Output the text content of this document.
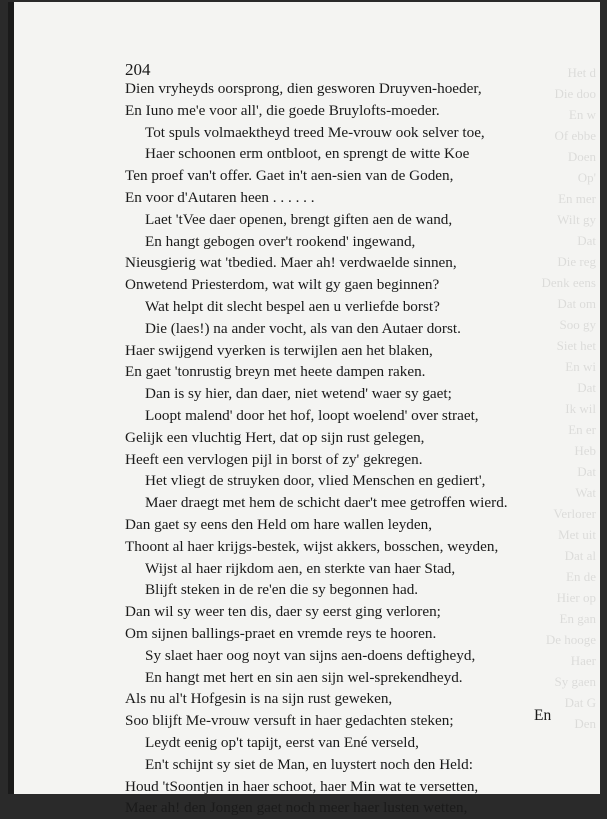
Het d
Die doo
En w
Of ebbe
Doen
Op'
En mer
Wilt gy
Dat
Die reg
Denk eens
Dat om
Soo gy
Siet het
En wi
Dat
Ik wil
En er
Heb
Dat
Wat
Verlorer
Met uit
Dat al
En de
Hier op
En gan
De hooge
Haer
Sy gaen
Dat G
Den
204
Dien vryheyds oorsprong, dien gesworen Druyven-hoeder,
En Iuno me'e voor all', die goede Bruylofts-moeder.
Tot spuls volmaektheyd treed Me-vrouw ook selver toe,
Haer schoonen erm ontbloot, en sprengt de witte Koe
Ten proef van't offer. Gaet in't aen-sien van de Goden,
En voor d'Autaren heen . . . . . .
Laet 'tVee daer openen, brengt giften aen de wand,
En hangt gebogen over't rookend' ingewand,
Nieusgierig wat 'tbedied. Maer ah! verdwaelde sinnen,
Onwetend Priesterdom, wat wilt gy gaen beginnen?
Wat helpt dit slecht bespel aen u verliefde borst?
Die (laes!) na ander vocht, als van den Autaer dorst.
Haer swijgend vyerken is terwijlen aen het blaken,
En gaet 'tonrustig breyn met heete dampen raken.
Dan is sy hier, dan daer, niet wetend' waer sy gaet;
Loopt malend' door het hof, loopt woelend' over straet,
Gelijk een vluchtig Hert, dat op sijn rust gelegen,
Heeft een vervlogen pijl in borst of zy' gekregen.
Het vliegt de struyken door, vlied Menschen en gediert',
Maer draegt met hem de schicht daer't mee getroffen wierd.
Dan gaet sy eens den Held om hare wallen leyden,
Thoont al haer krijgs-bestek, wijst akkers, bosschen, weyden,
Wijst al haer rijkdom aen, en sterkte van haer Stad,
Blijft steken in de re'en die sy begonnen had.
Dan wil sy weer ten dis, daer sy eerst ging verloren;
Om sijnen ballings-praet en vremde reys te hooren.
Sy slaet haer oog noyt van sijns aen-doens deftigheyd,
En hangt met hert en sin aen sijn wel-sprekendheyd.
Als nu al't Hofgesin is na sijn rust geweken,
Soo blijft Me-vrouw versuft in haer gedachten steken;
Leydt eenig op't tapijt, eerst van Ené verseld,
En't schijnt sy siet de Man, en luystert noch den Held:
Houd 'tSoontjen in haer schoot, haer Min wat te versetten,
Maer ah! den Jongen gaet noch meer haer lusten wetten,
En
